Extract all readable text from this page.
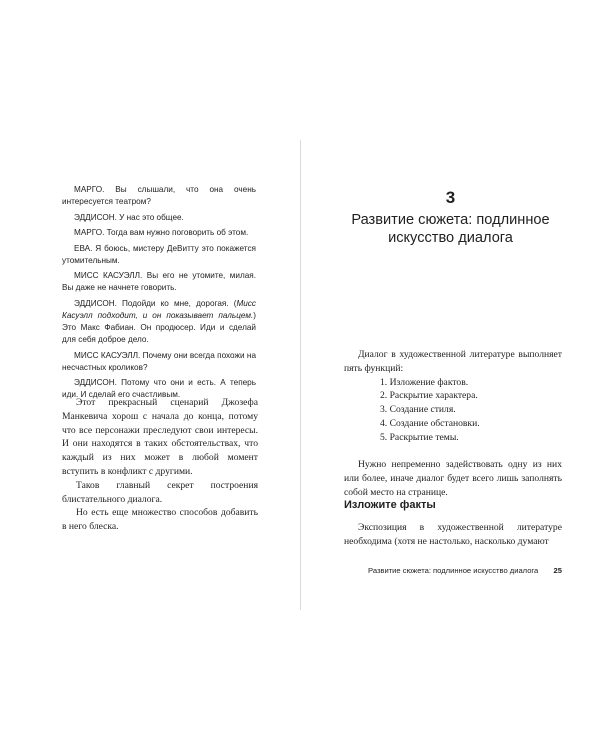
МАРГО. Вы слышали, что она очень интересуется театром?

ЭДДИСОН. У нас это общее.

МАРГО. Тогда вам нужно поговорить об этом.

ЕВА. Я боюсь, мистеру ДеВитту это покажется утомительным.

МИСС КАСУЭЛЛ. Вы его не утомите, милая. Вы даже не начнете говорить.

ЭДДИСОН. Подойди ко мне, дорогая. (Мисс Касуэлл подходит, и он показывает пальцем.) Это Макс Фабиан. Он продюсер. Иди и сделай для себя доброе дело.

МИСС КАСУЭЛЛ. Почему они всегда похожи на несчастных кроликов?

ЭДДИСОН. Потому что они и есть. А теперь иди. И сделай его счастливым.

Этот прекрасный сценарий Джозефа Манкевича хорош с начала до конца, потому что все персонажи преследуют свои интересы. И они находятся в таких обстоятельствах, что каждый из них может в любой момент вступить в конфликт с другими.

Таков главный секрет построения блистательного диалога.

Но есть еще множество способов добавить в него блеска.

3
Развитие сюжета: подлинное искусство диалога

Диалог в художественной литературе выполняет пять функций:

1. Изложение фактов.
2. Раскрытие характера.
3. Создание стиля.
4. Создание обстановки.
5. Раскрытие темы.

Нужно непременно задействовать одну из них или более, иначе диалог будет всего лишь заполнять собой место на странице.

Изложите факты

Экспозиция в художественной литературе необходима (хотя не настолько, насколько думают

Развитие сюжета: подлинное искусство диалога 25
